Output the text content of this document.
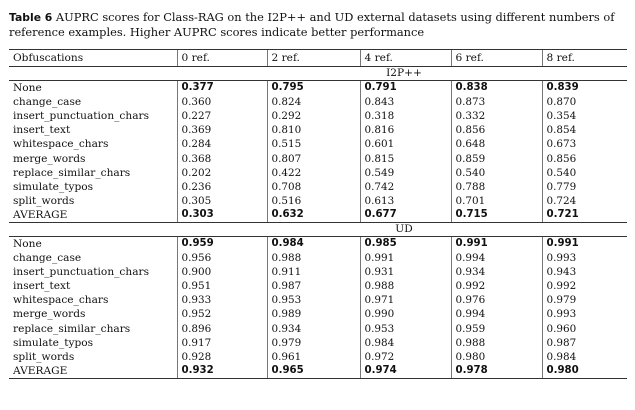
Table 6 AUPRC scores for Class-RAG on the I2P++ and UD external datasets using different numbers of reference examples. Higher AUPRC scores indicate better performance
Obfuscations	0 ref.	2 ref.	4 ref.	6 ref.	8 ref.
	I2P++				
None	0.377	0.795	0.791	0.838	0.839
change_case	0.360	0.824	0.843	0.873	0.870
insert_punctuation_chars	0.227	0.292	0.318	0.332	0.354
insert_text	0.369	0.810	0.816	0.856	0.854
whitespace_chars	0.284	0.515	0.601	0.648	0.673
merge_words	0.368	0.807	0.815	0.859	0.856
replace_similar_chars	0.202	0.422	0.549	0.540	0.540
simulate_typos	0.236	0.708	0.742	0.788	0.779
split_words	0.305	0.516	0.613	0.701	0.724
AVERAGE	0.303	0.632	0.677	0.715	0.721
	UD				
None	0.959	0.984	0.985	0.991	0.991
change_case	0.956	0.988	0.991	0.994	0.993
insert_punctuation_chars	0.900	0.911	0.931	0.934	0.943
insert_text	0.951	0.987	0.988	0.992	0.992
whitespace_chars	0.933	0.953	0.971	0.976	0.979
merge_words	0.952	0.989	0.990	0.994	0.993
replace_similar_chars	0.896	0.934	0.953	0.959	0.960
simulate_typos	0.917	0.979	0.984	0.988	0.987
split_words	0.928	0.961	0.972	0.980	0.984
AVERAGE	0.932	0.965	0.974	0.978	0.980
